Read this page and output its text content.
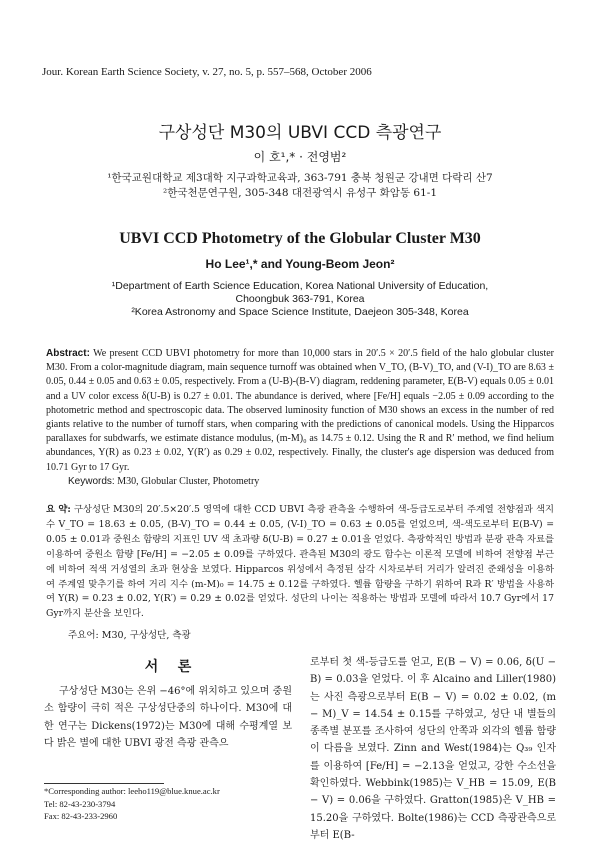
Jour. Korean Earth Science Society, v. 27, no. 5, p. 557–568, October 2006
구상성단 M30의 UBVI CCD 측광연구
이 호¹,* · 전영범²
¹한국교원대학교 제3대학 지구과학교육과, 363-791 충북 청원군 강내면 다락리 산7
²한국천문연구원, 305-348 대전광역시 유성구 화암동 61-1
UBVI CCD Photometry of the Globular Cluster M30
Ho Lee¹,* and Young-Beom Jeon²
¹Department of Earth Science Education, Korea National University of Education,
Choongbuk 363-791, Korea
²Korea Astronomy and Space Science Institute, Daejeon 305-348, Korea
Abstract: We present CCD UBVI photometry for more than 10,000 stars in 20′.5 × 20′.5 field of the halo globular cluster M30. From a color-magnitude diagram, main sequence turnoff was obtained when V_TO, (B-V)_TO, and (V-I)_TO are 8.63 ± 0.05, 0.44 ± 0.05 and 0.63 ± 0.05, respectively. From a (U-B)-(B-V) diagram, reddening parameter, E(B-V) equals 0.05 ± 0.01 and a UV color excess δ(U-B) is 0.27 ± 0.01. The abundance is derived, where [Fe/H] equals −2.05 ± 0.09 according to the photometric method and spectroscopic data. The observed luminosity function of M30 shows an excess in the number of red giants relative to the number of turnoff stars, when comparing with the predictions of canonical models. Using the Hipparcos parallaxes for subdwarfs, we estimate distance modulus, (m-M)₀ as 14.75 ± 0.12. Using the R and R′ method, we find helium abundances, Y(R) as 0.23 ± 0.02, Y(R′) as 0.29 ± 0.02, respectively. Finally, the cluster's age dispersion was deduced from 10.71 Gyr to 17 Gyr.
Keywords: M30, Globular Cluster, Photometry
요 약: 구상성단 M30의 20′.5×20′.5 영역에 대한 CCD UBVI 측광 관측을 수행하여 색-등급도로부터 주계열 전향점과 색지수 V_TO = 18.63 ± 0.05, (B-V)_TO = 0.44 ± 0.05, (V-I)_TO = 0.63 ± 0.05를 얻었으며, 색-색도로부터 E(B-V) = 0.05 ± 0.01과 중원소 함량의 지표인 UV 색 초과량 δ(U-B) = 0.27 ± 0.01을 얻었다. 측광학적인 방법과 분광 관측 자료를 이용하여 중원소 함량 [Fe/H] = −2.05 ± 0.09를 구하였다. 관측된 M30의 광도 함수는 이론적 모델에 비하여 전향점 부근에 비하여 적색 거성열의 초과 현상을 보였다. Hipparcos 위성에서 측정된 삼각 시차로부터 거리가 알려진 준왜성을 이용하여 주계열 맞추기를 하여 거리 지수 (m-M)₀ = 14.75 ± 0.12를 구하였다. 헬륨 함량을 구하기 위하여 R과 R′ 방법을 사용하여 Y(R) = 0.23 ± 0.02, Y(R′) = 0.29 ± 0.02를 얻었다. 성단의 나이는 적용하는 방법과 모델에 따라서 10.7 Gyr에서 17 Gyr까지 분산을 보인다.
주요어: M30, 구상성단, 측광
서    론
구상성단 M30는 은위 −46°에 위치하고 있으며 중원소 함량이 극히 적은 구상성단중의 하나이다. M30에 대한 연구는 Dickens(1972)는 M30에 대해 수평계열 보다 밝은 별에 대한 UBVI 광전 측광 관측으
*Corresponding author: leeho119@blue.knue.ac.kr
Tel: 82-43-230-3794
Fax: 82-43-233-2960
로부터 첫 색-등급도를 얻고, E(B − V) = 0.06, δ(U − B) = 0.03을 얻었다. 이 후 Alcaino and Liller(1980)는 사진 측광으로부터 E(B − V) = 0.02 ± 0.02, (m − M)_V = 14.54 ± 0.15를 구하였고, 성단 내 별들의 종족별 분포를 조사하여 성단의 안쪽과 외각의 헬륨 함량이 다름을 보였다. Zinn and West(1984)는 Q₃₉ 인자를 이용하여 [Fe/H] = −2.13을 얻었고, 강한 수소선을 확인하였다. Webbink(1985)는 V_HB = 15.09, E(B − V) = 0.06을 구하였다. Gratton(1985)은 V_HB = 15.20을 구하였다. Bolte(1986)는 CCD 측광관측으로부터 E(B-
